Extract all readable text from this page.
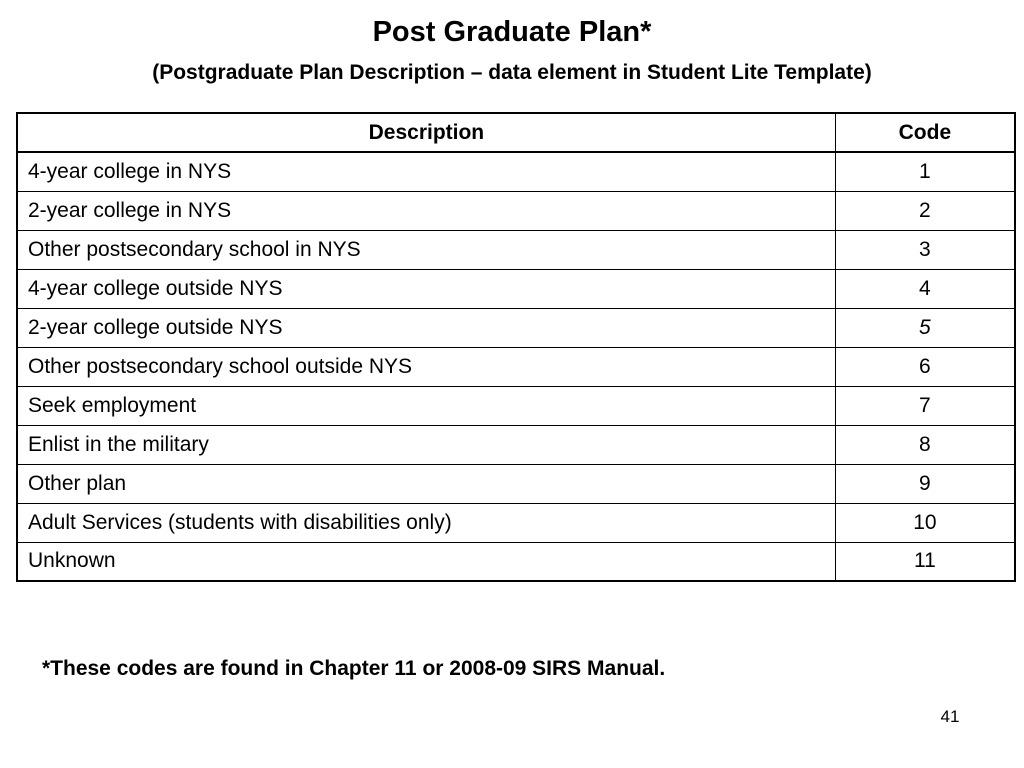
Post Graduate Plan*
(Postgraduate Plan Description – data element in Student Lite Template)
Description	Code
4-year college in NYS	1
2-year college in NYS	2
Other postsecondary school in NYS	3
4-year college outside NYS	4
2-year college outside NYS	5
Other postsecondary school outside NYS	6
Seek employment	7
Enlist in the military	8
Other plan	9
Adult Services (students with disabilities only)	10
Unknown	11
*These codes are found in Chapter 11 or 2008-09 SIRS Manual.
41
